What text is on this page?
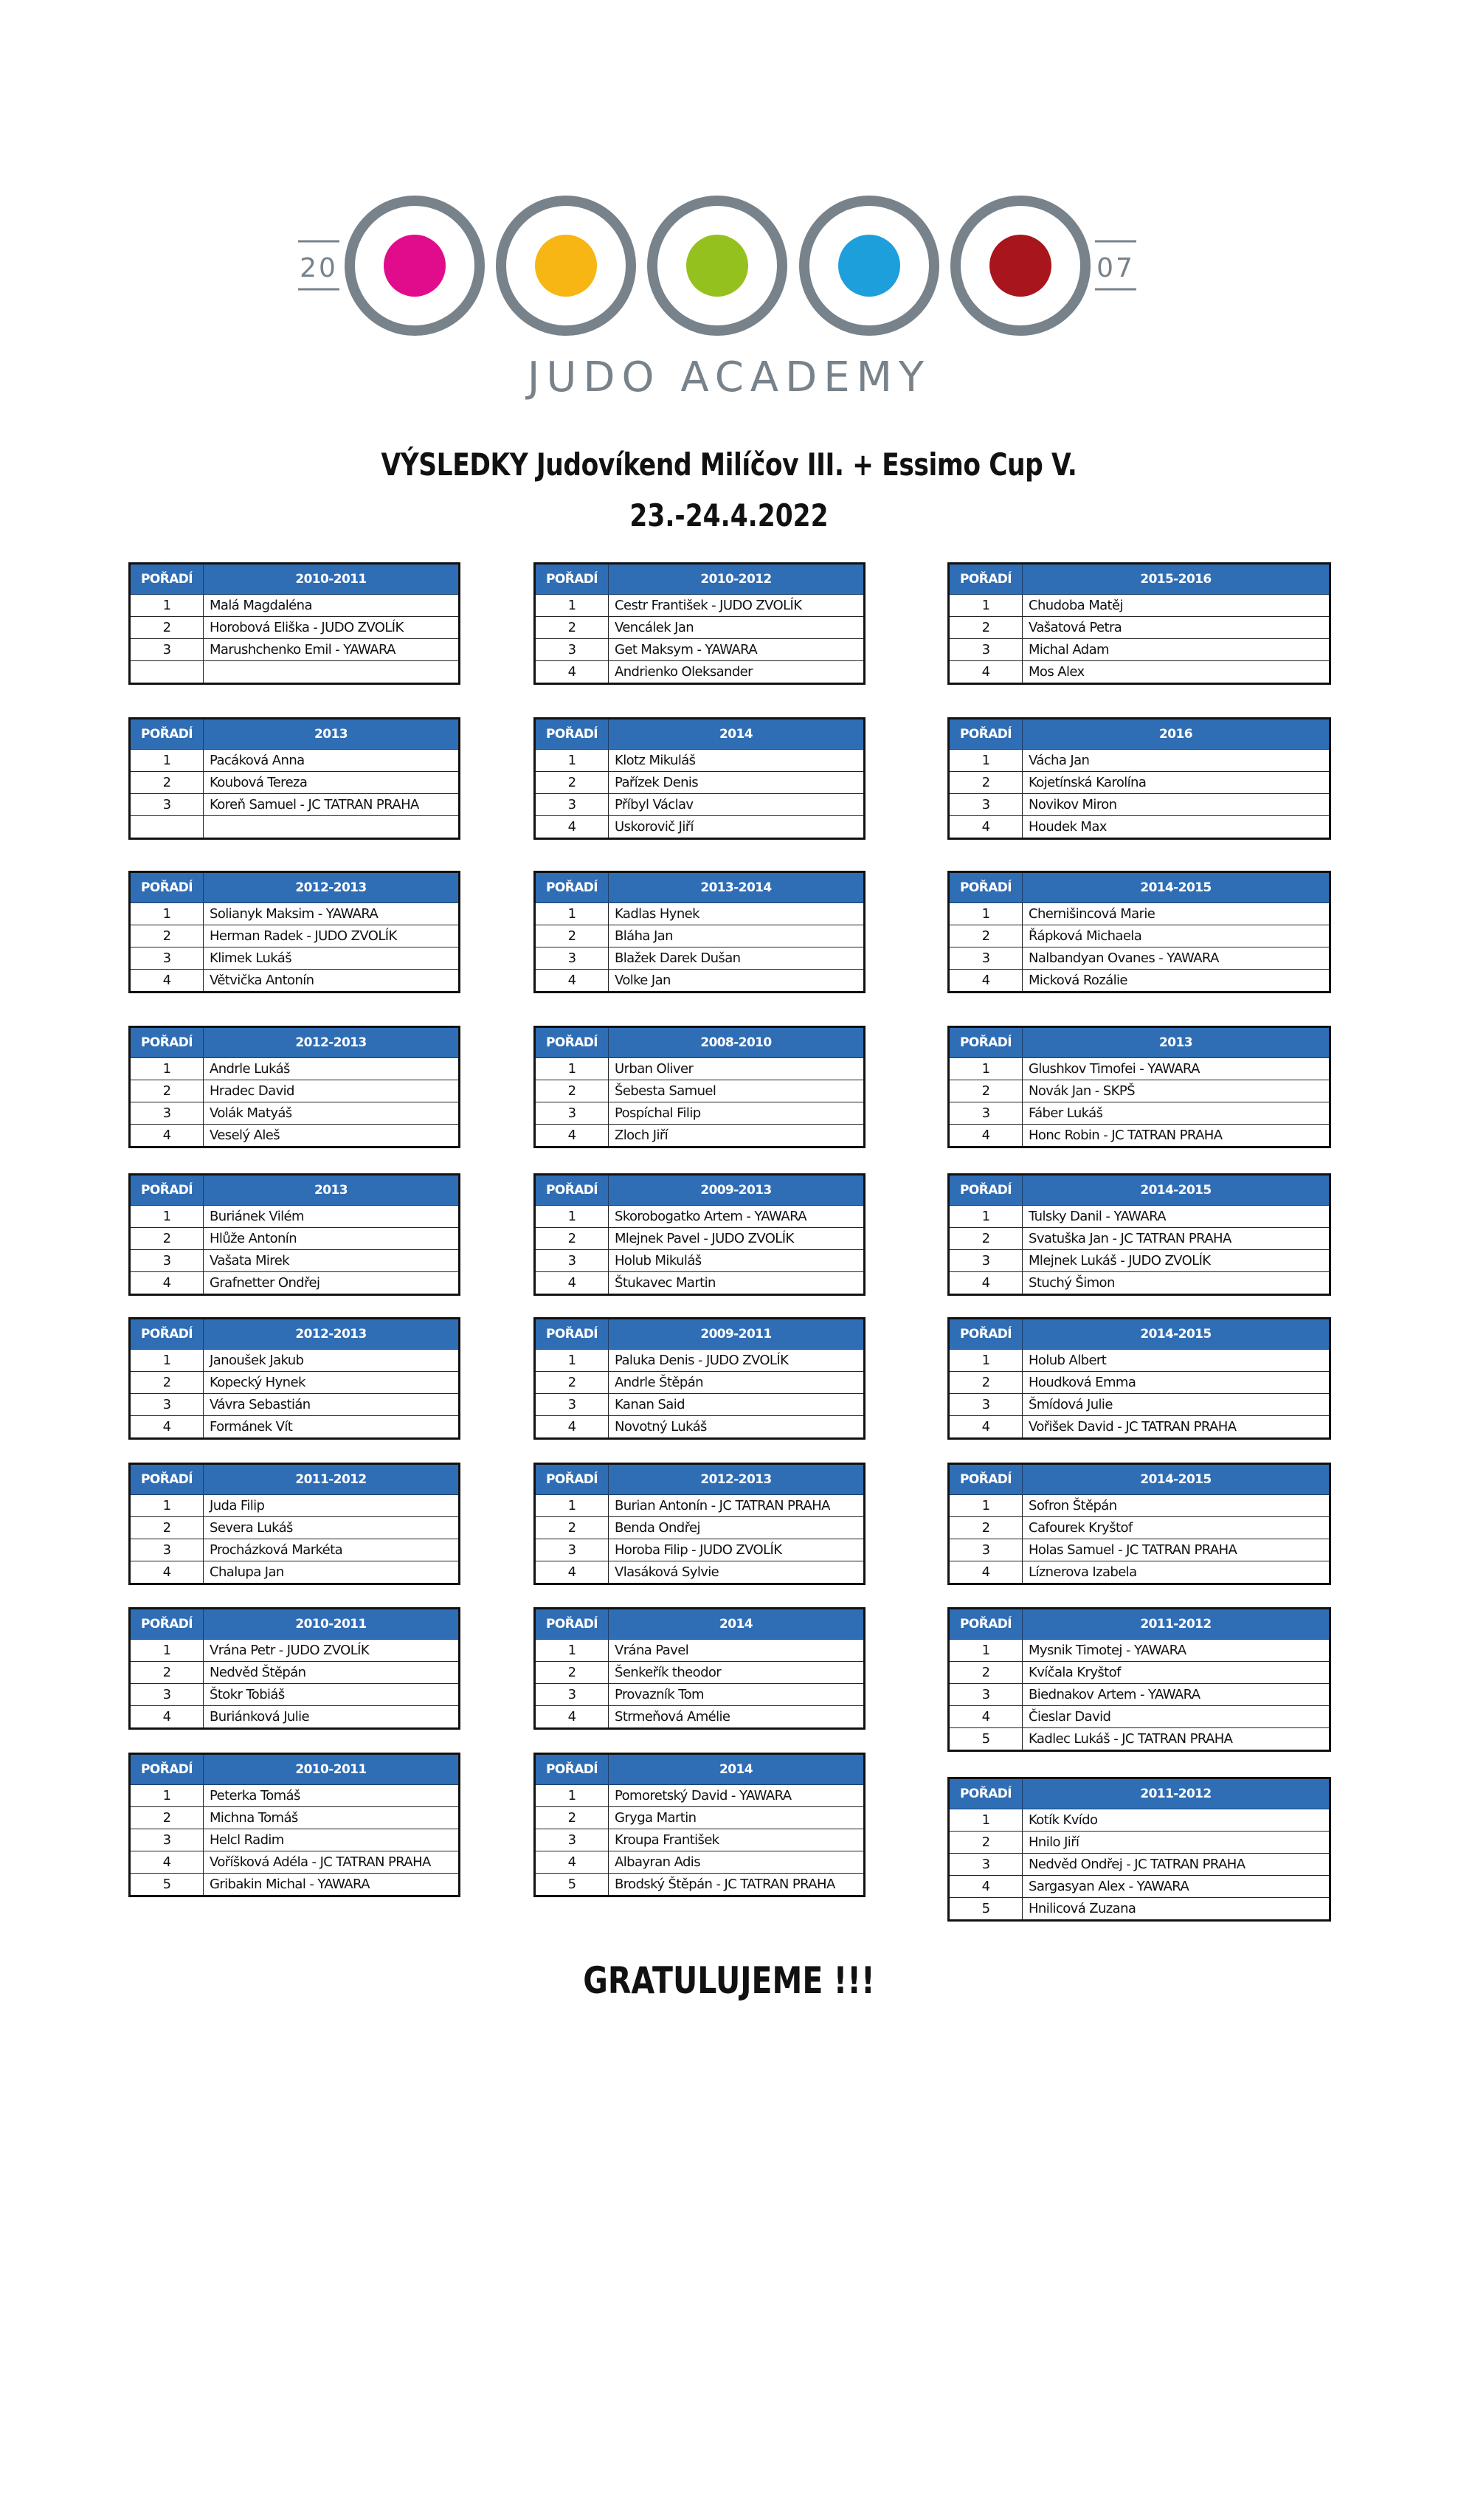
20	07
JUDO ACADEMY
VÝSLEDKY Judovíkend Milíčov III. + Essimo Cup V.
23.-24.4.2022
POŘADÍ	2010-2011
1	Malá Magdaléna
2	Horobová Eliška - JUDO ZVOLÍK
3	Marushchenko Emil - YAWARA

POŘADÍ	2010-2012
1	Cestr František - JUDO ZVOLÍK
2	Vencálek Jan
3	Get Maksym - YAWARA
4	Andrienko Oleksander
POŘADÍ	2015-2016
1	Chudoba Matěj
2	Vašatová Petra
3	Michal Adam
4	Mos Alex
POŘADÍ	2013
1	Pacáková Anna
2	Koubová Tereza
3	Koreň Samuel - JC TATRAN PRAHA

POŘADÍ	2014
1	Klotz Mikuláš
2	Pařízek Denis
3	Příbyl Václav
4	Uskorovič Jiří
POŘADÍ	2016
1	Vácha Jan
2	Kojetínská Karolína
3	Novikov Miron
4	Houdek Max
POŘADÍ	2012-2013
1	Solianyk Maksim - YAWARA
2	Herman Radek - JUDO ZVOLÍK
3	Klimek Lukáš
4	Větvička Antonín
POŘADÍ	2013-2014
1	Kadlas Hynek
2	Bláha Jan
3	Blažek Darek Dušan
4	Volke Jan
POŘADÍ	2014-2015
1	Chernišincová Marie
2	Řápková Michaela
3	Nalbandyan Ovanes - YAWARA
4	Micková Rozálie
POŘADÍ	2012-2013
1	Andrle Lukáš
2	Hradec David
3	Volák Matyáš
4	Veselý Aleš
POŘADÍ	2008-2010
1	Urban Oliver
2	Šebesta Samuel
3	Pospíchal Filip
4	Zloch Jiří
POŘADÍ	2013
1	Glushkov Timofei - YAWARA
2	Novák Jan - SKPŠ
3	Fáber Lukáš
4	Honc Robin - JC TATRAN PRAHA
POŘADÍ	2013
1	Buriánek Vilém
2	Hlůže Antonín
3	Vašata Mirek
4	Grafnetter Ondřej
POŘADÍ	2009-2013
1	Skorobogatko Artem - YAWARA
2	Mlejnek Pavel - JUDO ZVOLÍK
3	Holub Mikuláš
4	Štukavec Martin
POŘADÍ	2014-2015
1	Tulsky Danil - YAWARA
2	Svatuška Jan - JC TATRAN PRAHA
3	Mlejnek Lukáš - JUDO ZVOLÍK
4	Stuchý Šimon
POŘADÍ	2012-2013
1	Janoušek Jakub
2	Kopecký Hynek
3	Vávra Sebastián
4	Formánek Vít
POŘADÍ	2009-2011
1	Paluka Denis - JUDO ZVOLÍK
2	Andrle Štěpán
3	Kanan Said
4	Novotný Lukáš
POŘADÍ	2014-2015
1	Holub Albert
2	Houdková Emma
3	Šmídová Julie
4	Vořišek David - JC TATRAN PRAHA
POŘADÍ	2011-2012
1	Juda Filip
2	Severa Lukáš
3	Procházková Markéta
4	Chalupa Jan
POŘADÍ	2012-2013
1	Burian Antonín - JC TATRAN PRAHA
2	Benda Ondřej
3	Horoba Filip - JUDO ZVOLÍK
4	Vlasáková Sylvie
POŘADÍ	2014-2015
1	Sofron Štěpán
2	Cafourek Kryštof
3	Holas Samuel - JC TATRAN PRAHA
4	Líznerova Izabela
POŘADÍ	2010-2011
1	Vrána Petr - JUDO ZVOLÍK
2	Nedvěd Štěpán
3	Štokr Tobiáš
4	Buriánková Julie
POŘADÍ	2014
1	Vrána Pavel
2	Šenkeřík theodor
3	Provazník Tom
4	Strmeňová Amélie
POŘADÍ	2011-2012
1	Mysnik Timotej - YAWARA
2	Kvíčala Kryštof
3	Biednakov Artem - YAWARA
4	Čieslar David
5	Kadlec Lukáš - JC TATRAN PRAHA
POŘADÍ	2010-2011
1	Peterka Tomáš
2	Michna Tomáš
3	Helcl Radim
4	Voříšková Adéla - JC TATRAN PRAHA
5	Gribakin Michal - YAWARA
POŘADÍ	2014
1	Pomoretský David - YAWARA
2	Gryga Martin
3	Kroupa František
4	Albayran Adis
5	Brodský Štěpán - JC TATRAN PRAHA
POŘADÍ	2011-2012
1	Kotík Kvído
2	Hnilo Jiří
3	Nedvěd Ondřej - JC TATRAN PRAHA
4	Sargasyan Alex - YAWARA
5	Hnilicová Zuzana
GRATULUJEME !!!
